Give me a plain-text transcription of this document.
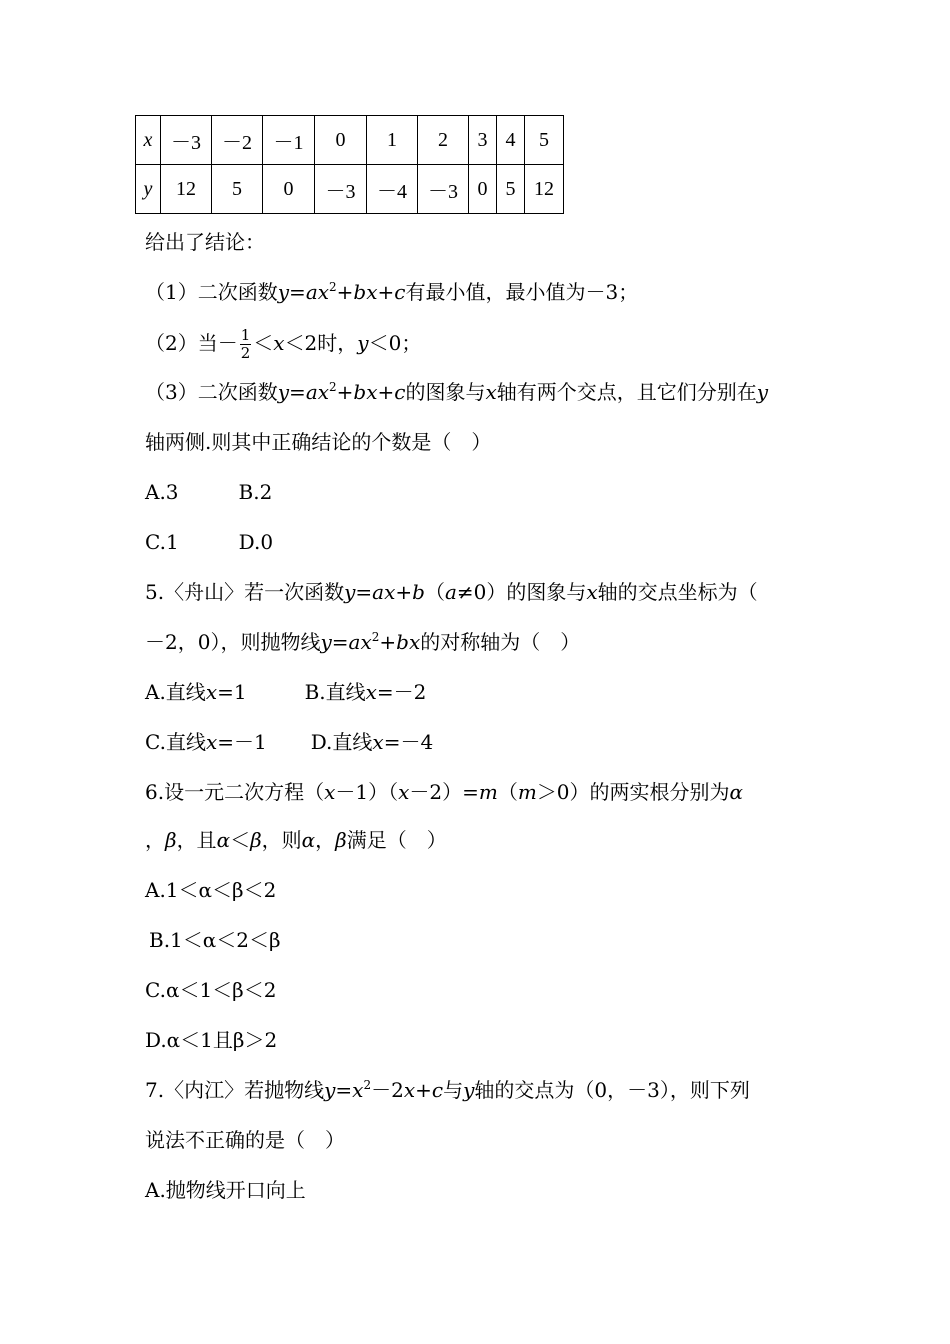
x	－3	－2	－1	0	1	2	3	4	5
y	12	5	0	－3	－4	－3	0	5	12
给出了结论：
（1）二次函数$y=ax^2+bx+c$有最小值，最小值为－3；
（2）当－ $\frac{1}{2} <x<2$时，y＜0；
（3）二次函数$y=ax^2+bx+c$的图象与x轴有两个交点，且它们分别在y
轴两侧.则其中正确结论的个数是（　）
A.3　　　B.2
C.1　　　D.0
5.〈舟山〉若一次函数y=ax+b（a≠0）的图象与x轴的交点坐标为（
－2，0），则抛物线$y=ax^2+bx$的对称轴为（　）
A.直线x=1	B.直线x=－2
C.直线x=－1 D.直线x=－4
6.设一元二次方程（x－1）（x－2）=m（m＞0）的两实根分别为α
，β，且α＜β，则α，β满足（　）
A.1＜α＜β＜2
B.1＜α＜2＜β
C.α＜1＜β＜2
D.α＜1且β＞2
7.〈内江〉若抛物线$y=x^2-2x+c$与y轴的交点为（0，－3），则下列
说法不正确的是（　）
A.抛物线开口向上
